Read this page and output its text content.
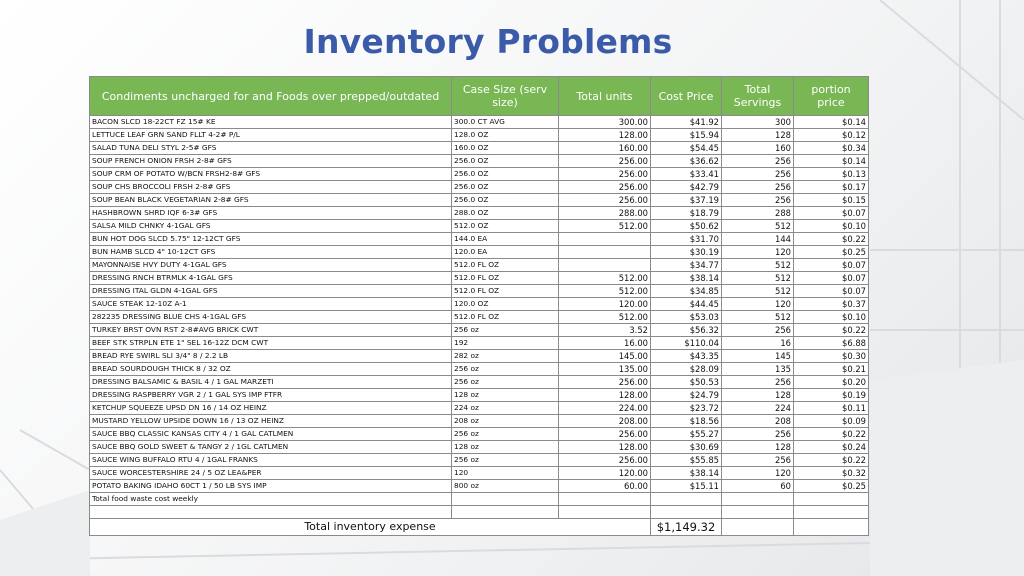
Inventory Problems
Condiments uncharged for and Foods over prepped/outdated	Case Size (serv size)	Total units	Cost Price	Total Servings	portion price
BACON SLCD 18-22CT FZ 15# KE	300.0 CT AVG	300.00	$41.92	300	$0.14
LETTUCE LEAF GRN SAND FLLT 4-2# P/L	128.0 OZ	128.00	$15.94	128	$0.12
SALAD TUNA DELI STYL 2-5# GFS	160.0 OZ	160.00	$54.45	160	$0.34
SOUP FRENCH ONION FRSH 2-8# GFS	256.0 OZ	256.00	$36.62	256	$0.14
SOUP CRM OF POTATO W/BCN FRSH2-8# GFS	256.0 OZ	256.00	$33.41	256	$0.13
SOUP CHS BROCCOLI FRSH 2-8# GFS	256.0 OZ	256.00	$42.79	256	$0.17
SOUP BEAN BLACK VEGETARIAN 2-8# GFS	256.0 OZ	256.00	$37.19	256	$0.15
HASHBROWN SHRD IQF 6-3# GFS	288.0 OZ	288.00	$18.79	288	$0.07
SALSA MILD CHNKY 4-1GAL GFS	512.0 OZ	512.00	$50.62	512	$0.10
BUN HOT DOG SLCD 5.75" 12-12CT GFS	144.0 EA		$31.70	144	$0.22
BUN HAMB SLCD 4" 10-12CT GFS	120.0 EA		$30.19	120	$0.25
MAYONNAISE HVY DUTY 4-1GAL GFS	512.0 FL OZ		$34.77	512	$0.07
DRESSING RNCH BTRMLK 4-1GAL GFS	512.0 FL OZ	512.00	$38.14	512	$0.07
DRESSING ITAL GLDN 4-1GAL GFS	512.0 FL OZ	512.00	$34.85	512	$0.07
SAUCE STEAK 12-10Z A-1	120.0 OZ	120.00	$44.45	120	$0.37
282235 DRESSING BLUE CHS 4-1GAL GFS	512.0 FL OZ	512.00	$53.03	512	$0.10
TURKEY BRST OVN RST 2-8#AVG BRICK CWT	256 oz	3.52	$56.32	256	$0.22
BEEF STK STRPLN ETE 1" SEL 16-12Z DCM CWT	192	16.00	$110.04	16	$6.88
BREAD RYE SWIRL SLI 3/4" 8 / 2.2 LB	282 oz	145.00	$43.35	145	$0.30
BREAD SOURDOUGH THICK 8 / 32 OZ	256 oz	135.00	$28.09	135	$0.21
DRESSING BALSAMIC & BASIL 4 / 1 GAL MARZETI	256 oz	256.00	$50.53	256	$0.20
DRESSING RASPBERRY VGR 2 / 1 GAL SYS IMP FTFR	128 oz	128.00	$24.79	128	$0.19
KETCHUP SQUEEZE UPSD DN 16 / 14 OZ HEINZ	224 oz	224.00	$23.72	224	$0.11
MUSTARD YELLOW UPSIDE DOWN 16 / 13 OZ HEINZ	208 oz	208.00	$18.56	208	$0.09
SAUCE BBQ CLASSIC KANSAS CITY 4 / 1 GAL CATLMEN	256 oz	256.00	$55.27	256	$0.22
SAUCE BBQ GOLD SWEET & TANGY 2 / 1GL CATLMEN	128 oz	128.00	$30.69	128	$0.24
SAUCE WING BUFFALO RTU 4 / 1GAL FRANKS	256 oz	256.00	$55.85	256	$0.22
SAUCE WORCESTERSHIRE 24 / 5 OZ LEA&PER	120	120.00	$38.14	120	$0.32
POTATO BAKING IDAHO 60CT 1 / 50 LB SYS IMP	800 oz	60.00	$15.11	60	$0.25
Total food waste cost weekly					

Total inventory expense			$1,149.32		
